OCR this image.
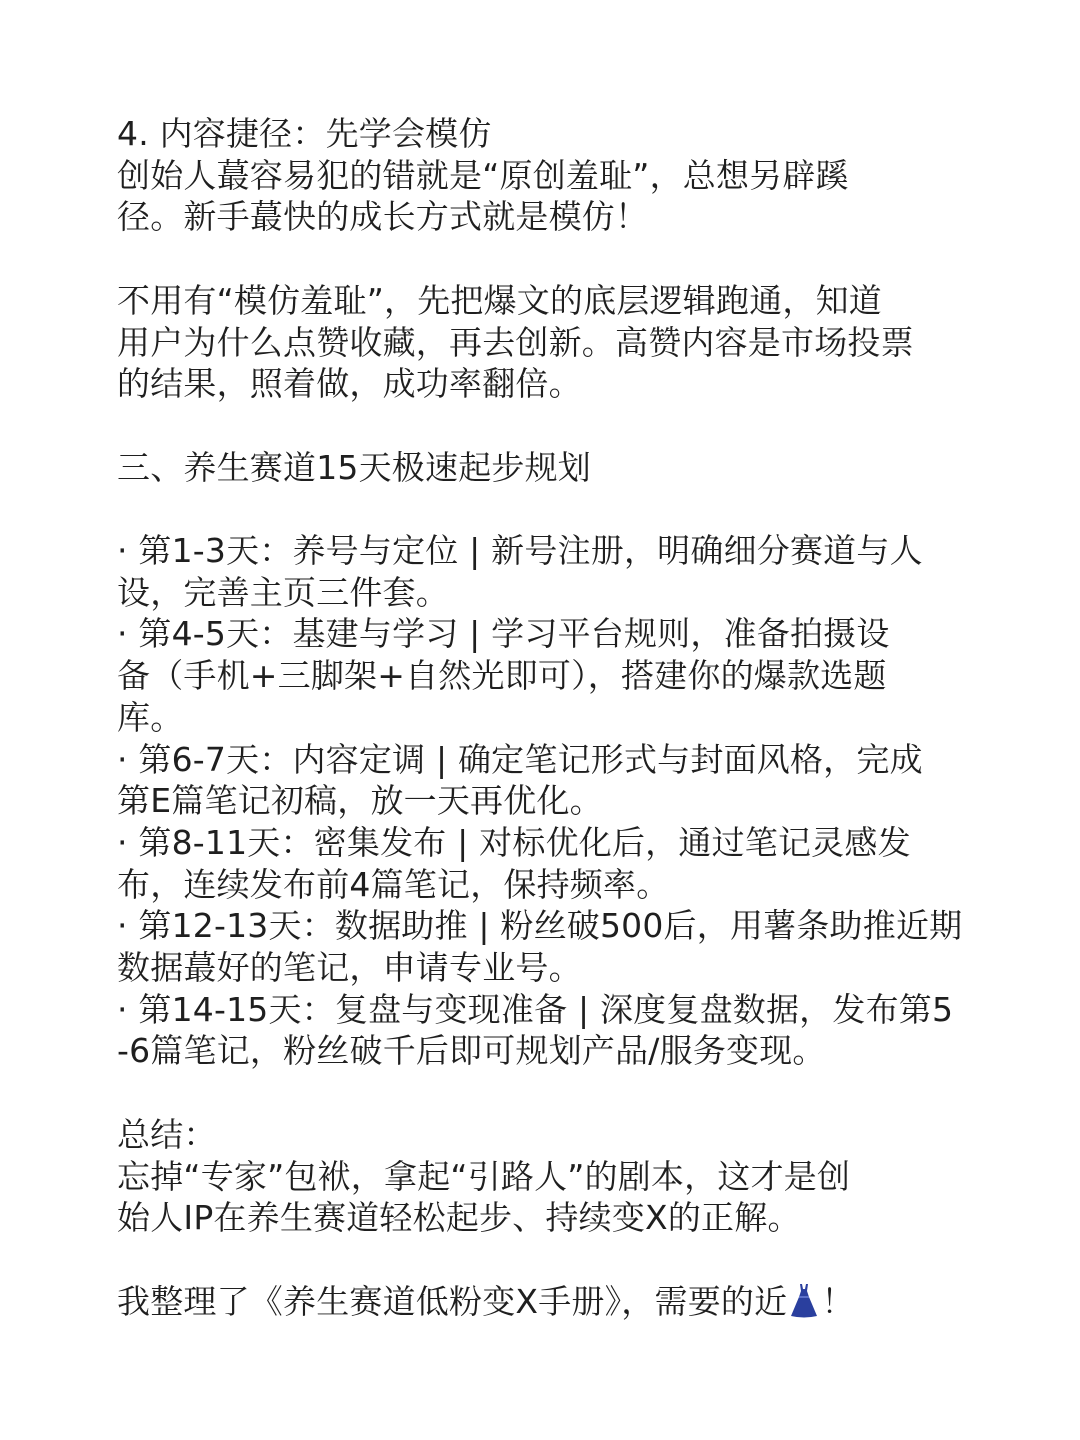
4. 内容捷径：先学会模仿

创始人蕞容易犯的错就是“原创羞耻”，总想另辟蹊

径。新手蕞快的成长方式就是模仿！

不用有“模仿羞耻”，先把爆文的底层逻辑跑通，知道

用户为什么点赞收藏，再去创新。高赞内容是市场投票

的结果，照着做，成功率翻倍。

三、养生赛道15天极速起步规划

· 第1-3天：养号与定位 | 新号注册，明确细分赛道与人

设，完善主页三件套。

· 第4-5天：基建与学习 | 学习平台规则，准备拍摄设

备（手机+三脚架+自然光即可），搭建你的爆款选题

库。

· 第6-7天：内容定调 | 确定笔记形式与封面风格，完成

第E篇笔记初稿，放一天再优化。

· 第8-11天：密集发布 | 对标优化后，通过笔记灵感发

布，连续发布前4篇笔记，保持频率。

· 第12-13天：数据助推 | 粉丝破500后，用薯条助推近期

数据蕞好的笔记，申请专业号。

· 第14-15天：复盘与变现准备 | 深度复盘数据，发布第5

-6篇笔记，粉丝破千后即可规划产品/服务变现。

总结：

忘掉“专家”包袱，拿起“引路人”的剧本，这才是创

始人IP在养生赛道轻松起步、持续变X的正解。

我整理了《养生赛道低粉变X手册》，需要的近 ！
